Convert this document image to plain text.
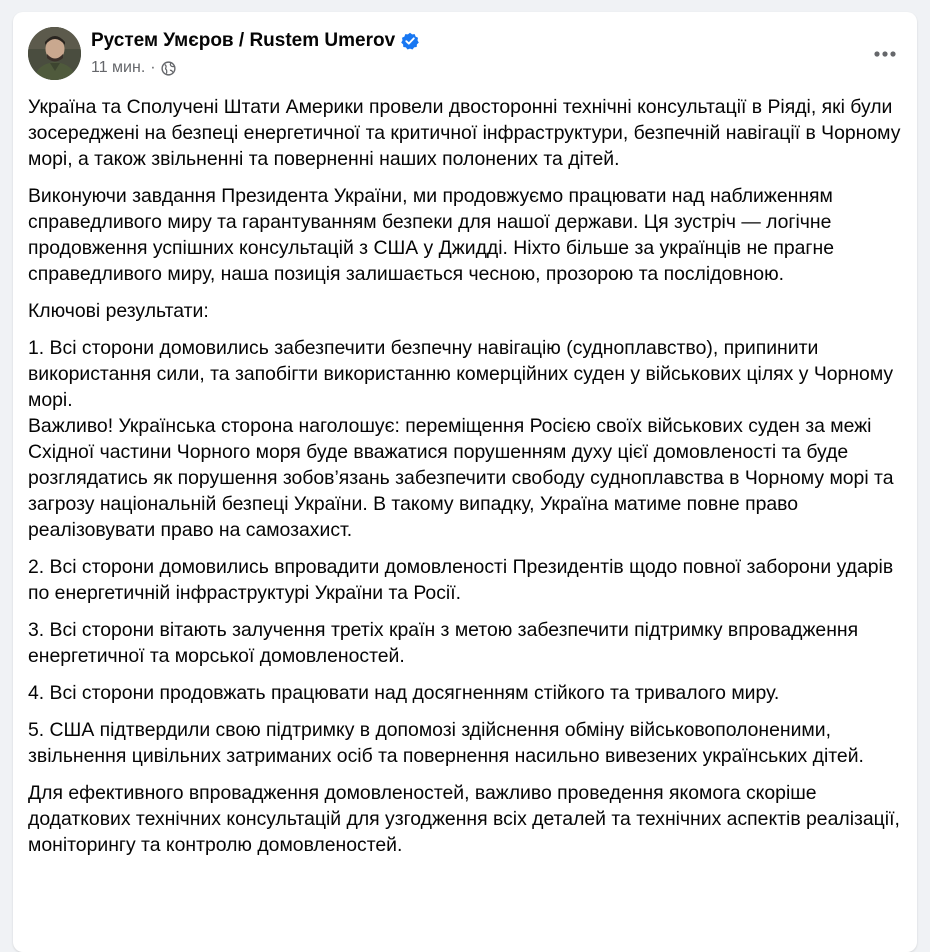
Рустем Умєров / Rustem Umerov
11 мин. ·

Україна та Сполучені Штати Америки провели двосторонні технічні консультації в Ріяді, які були зосереджені на безпеці енергетичної та критичної інфраструктури, безпечній навігації в Чорному морі, а також звільненні та поверненні наших полонених та дітей.

Виконуючи завдання Президента України, ми продовжуємо працювати над наближенням справедливого миру та гарантуванням безпеки для нашої держави. Ця зустріч — логічне продовження успішних консультацій з США у Джидді. Ніхто більше за українців не прагне справедливого миру, наша позиція залишається чесною, прозорою та послідовною.

Ключові результати:

1. Всі сторони домовились забезпечити безпечну навігацію (судноплавство), припинити використання сили, та запобігти використанню комерційних суден у військових цілях у Чорному морі.
Важливо! Українська сторона наголошує: переміщення Росією своїх військових суден за межі Східної частини Чорного моря буде вважатися порушенням духу цієї домовленості та буде розглядатись як порушення зобов’язань забезпечити свободу судноплавства в Чорному морі та загрозу національній безпеці України. В такому випадку, Україна матиме повне право реалізовувати право на самозахист.

2. Всі сторони домовились впровадити домовленості Президентів щодо повної заборони ударів по енергетичній інфраструктурі України та Росії.

3. Всі сторони вітають залучення третіх країн з метою забезпечити підтримку впровадження енергетичної та морської домовленостей.

4. Всі сторони продовжать працювати над досягненням стійкого та тривалого миру.

5. США підтвердили свою підтримку в допомозі здійснення обміну військовополоненими, звільнення цивільних затриманих осіб та повернення насильно вивезених українських дітей.

Для ефективного впровадження домовленостей, важливо проведення якомога скоріше додаткових технічних консультацій для узгодження всіх деталей та технічних аспектів реалізації, моніторингу та контролю домовленостей.
